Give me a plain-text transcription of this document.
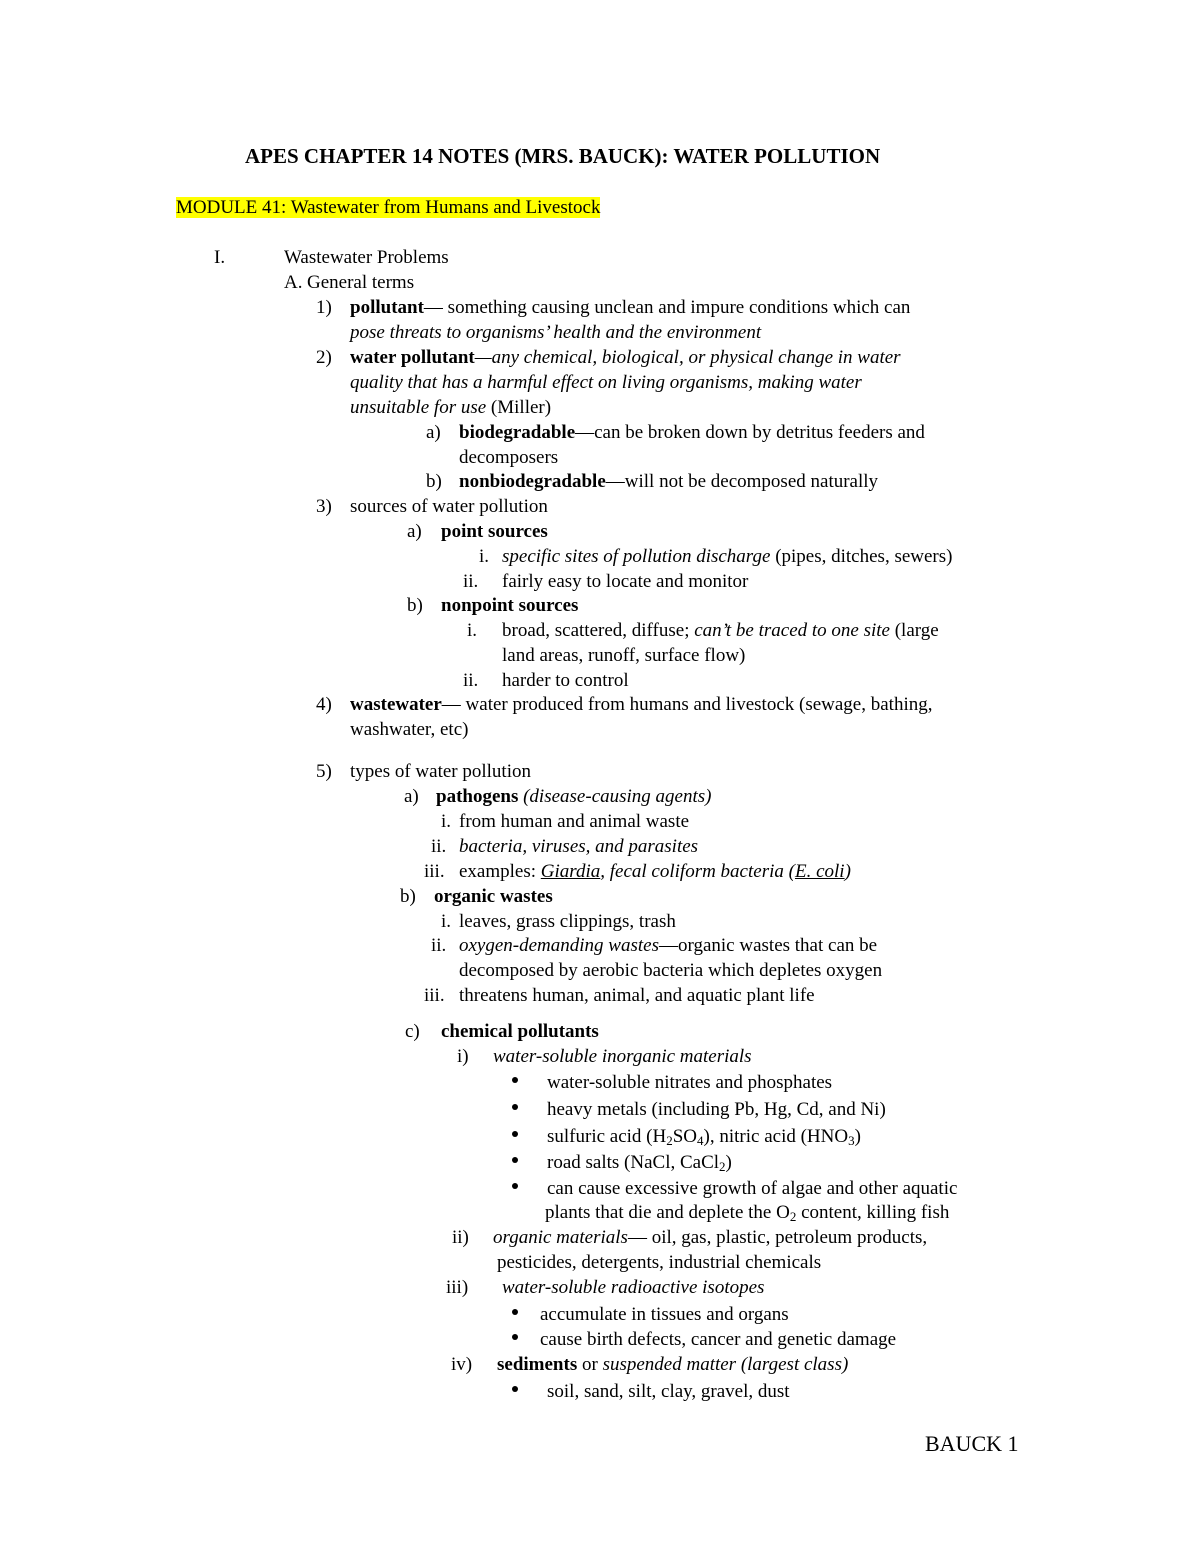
APES CHAPTER 14 NOTES (MRS. BAUCK): WATER POLLUTION
MODULE 41: Wastewater from Humans and Livestock
I.	Wastewater Problems
A. General terms
1) pollutant— something causing unclean and impure conditions which can
pose threats to organisms’ health and the environment
2) water pollutant—any chemical, biological, or physical change in water
quality that has a harmful effect on living organisms, making water
unsuitable for use (Miller)
a) biodegradable—can be broken down by detritus feeders and
decomposers
b) nonbiodegradable—will not be decomposed naturally
3) sources of water pollution
a) point sources
i. specific sites of pollution discharge (pipes, ditches, sewers)
ii. fairly easy to locate and monitor
b) nonpoint sources
i. broad, scattered, diffuse; can’t be traced to one site (large
land areas, runoff, surface flow)
ii. harder to control
4) wastewater— water produced from humans and livestock (sewage, bathing,
washwater, etc)
5) types of water pollution
a) pathogens (disease-causing agents)
i. from human and animal waste
ii. bacteria, viruses, and parasites
iii. examples: Giardia, fecal coliform bacteria (E. coli)
b) organic wastes
i. leaves, grass clippings, trash
ii. oxygen-demanding wastes—organic wastes that can be
decomposed by aerobic bacteria which depletes oxygen
iii. threatens human, animal, and aquatic plant life
c) chemical pollutants
i) water-soluble inorganic materials
water-soluble nitrates and phosphates
heavy metals (including Pb, Hg, Cd, and Ni)
sulfuric acid $(H_2SO_4)$, nitric acid $(HNO_3)$
road salts (NaCl, CaCl$_2$)
can cause excessive growth of algae and other aquatic
plants that die and deplete the $O_2$ content, killing fish
ii) organic materials— oil, gas, plastic, petroleum products,
pesticides, detergents, industrial chemicals
iii) water-soluble radioactive isotopes
accumulate in tissues and organs
cause birth defects, cancer and genetic damage
iv) sediments or suspended matter (largest class)
soil, sand, silt, clay, gravel, dust
BAUCK 1
